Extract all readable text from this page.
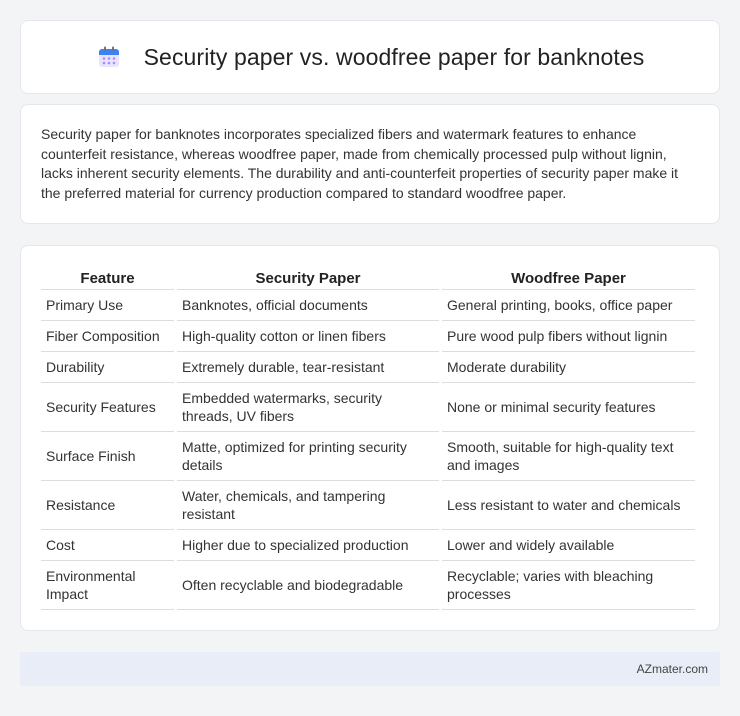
Security paper vs. woodfree paper for banknotes

Security paper for banknotes incorporates specialized fibers and watermark features to enhance counterfeit resistance, whereas woodfree paper, made from chemically processed pulp without lignin, lacks inherent security elements. The durability and anti-counterfeit properties of security paper make it the preferred material for currency production compared to standard woodfree paper.

Feature	Security Paper	Woodfree Paper
Primary Use	Banknotes, official documents	General printing, books, office paper
Fiber Composition	High-quality cotton or linen fibers	Pure wood pulp fibers without lignin
Durability	Extremely durable, tear-resistant	Moderate durability
Security Features	Embedded watermarks, security threads, UV fibers	None or minimal security features
Surface Finish	Matte, optimized for printing security details	Smooth, suitable for high-quality text and images
Resistance	Water, chemicals, and tampering resistant	Less resistant to water and chemicals
Cost	Higher due to specialized production	Lower and widely available
Environmental Impact	Often recyclable and biodegradable	Recyclable; varies with bleaching processes
AZmater.com
